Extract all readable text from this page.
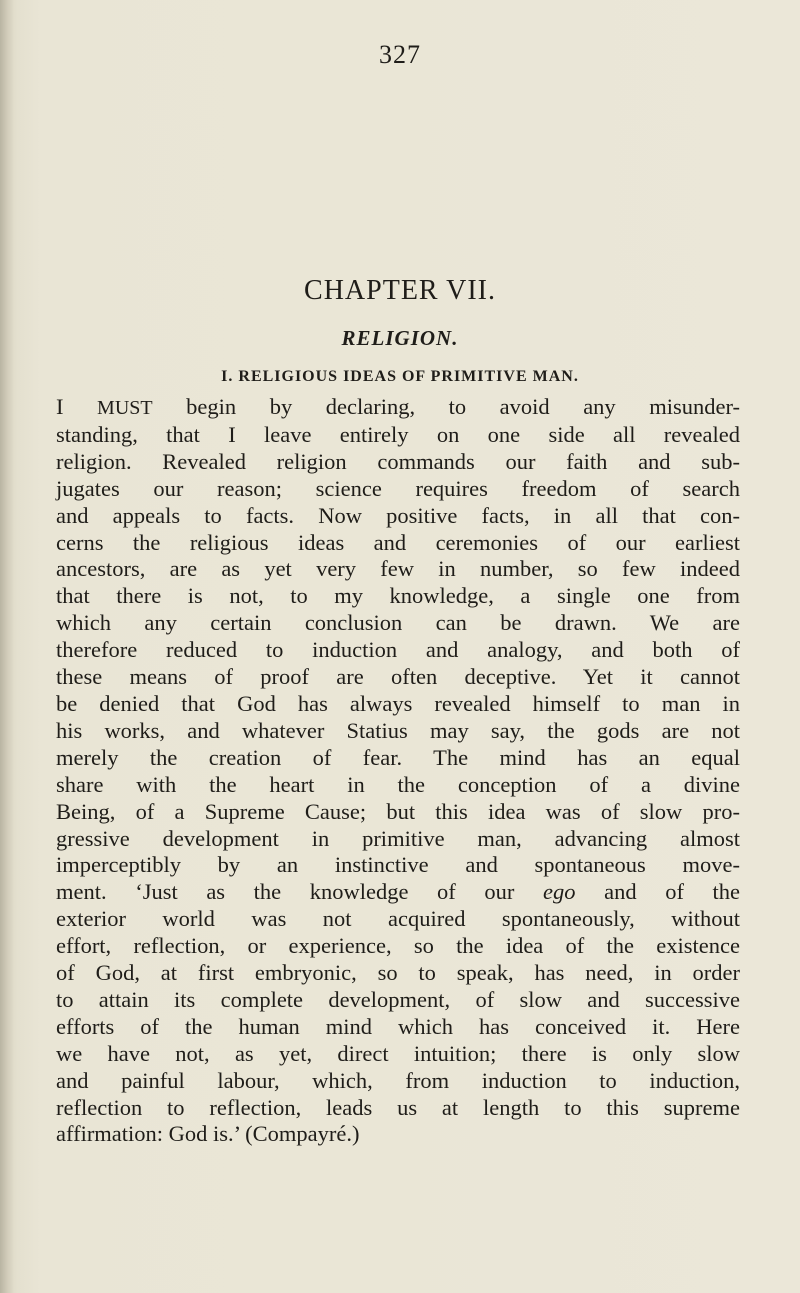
327
CHAPTER VII.
RELIGION.
I. RELIGIOUS IDEAS OF PRIMITIVE MAN.
I MUST begin by declaring, to avoid any misunder-
standing, that I leave entirely on one side all revealed
religion. Revealed religion commands our faith and sub-
jugates our reason; science requires freedom of search
and appeals to facts. Now positive facts, in all that con-
cerns the religious ideas and ceremonies of our earliest
ancestors, are as yet very few in number, so few indeed
that there is not, to my knowledge, a single one from
which any certain conclusion can be drawn. We are
therefore reduced to induction and analogy, and both of
these means of proof are often deceptive. Yet it cannot
be denied that God has always revealed himself to man in
his works, and whatever Statius may say, the gods are not
merely the creation of fear. The mind has an equal
share with the heart in the conception of a divine
Being, of a Supreme Cause; but this idea was of slow pro-
gressive development in primitive man, advancing almost
imperceptibly by an instinctive and spontaneous move-
ment. ‘Just as the knowledge of our ego and of the
exterior world was not acquired spontaneously, without
effort, reflection, or experience, so the idea of the existence
of God, at first embryonic, so to speak, has need, in order
to attain its complete development, of slow and successive
efforts of the human mind which has conceived it. Here
we have not, as yet, direct intuition; there is only slow
and painful labour, which, from induction to induction,
reflection to reflection, leads us at length to this supreme
affirmation: God is.’ (Compayré.)
